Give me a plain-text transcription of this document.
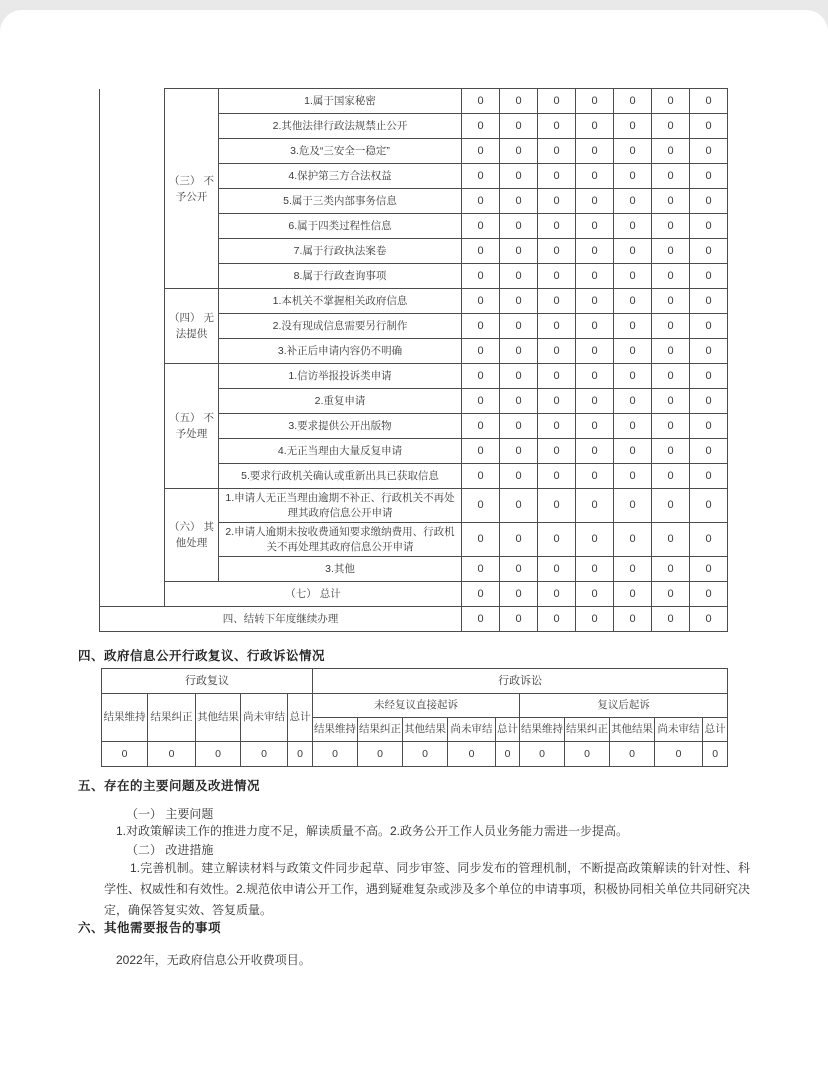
	（三） 不予公开	1.属于国家秘密	0	0	0	0	0	0	0
		2.其他法律行政法规禁止公开	0	0	0	0	0	0	0
		3.危及“三安全一稳定”	0	0	0	0	0	0	0
		4.保护第三方合法权益	0	0	0	0	0	0	0
		5.属于三类内部事务信息	0	0	0	0	0	0	0
		6.属于四类过程性信息	0	0	0	0	0	0	0
		7.属于行政执法案卷	0	0	0	0	0	0	0
		8.属于行政查询事项	0	0	0	0	0	0	0
	（四） 无法提供	1.本机关不掌握相关政府信息	0	0	0	0	0	0	0
		2.没有现成信息需要另行制作	0	0	0	0	0	0	0
		3.补正后申请内容仍不明确	0	0	0	0	0	0	0
	（五） 不予处理	1.信访举报投诉类申请	0	0	0	0	0	0	0
		2.重复申请	0	0	0	0	0	0	0
		3.要求提供公开出版物	0	0	0	0	0	0	0
		4.无正当理由大量反复申请	0	0	0	0	0	0	0
		5.要求行政机关确认或重新出具已获取信息	0	0	0	0	0	0	0
	（六） 其他处理	1.申请人无正当理由逾期不补正、行政机关不再处理其政府信息公开申请	0	0	0	0	0	0	0
		2.申请人逾期未按收费通知要求缴纳费用、行政机关不再处理其政府信息公开申请	0	0	0	0	0	0	0
		3.其他	0	0	0	0	0	0	0
	（七） 总计		0	0	0	0	0	0	0
四、结转下年度继续办理			0	0	0	0	0	0	0
四、政府信息公开行政复议、行政诉讼情况
行政复议					行政诉讼									
结果维持	结果纠正	其他结果	尚未审结	总计	未经复议直接起诉					复议后起诉				
					结果维持	结果纠正	其他结果	尚未审结	总计	结果维持	结果纠正	其他结果	尚未审结	总计
0	0	0	0	0	0	0	0	0	0	0	0	0	0	0
五、存在的主要问题及改进情况
（一） 主要问题
1.对政策解读工作的推进力度不足，解读质量不高。2.政务公开工作人员业务能力需进一步提高。
（二） 改进措施
1.完善机制。建立解读材料与政策文件同步起草、同步审签、同步发布的管理机制，不断提高政策解读的针对性、科学性、权威性和有效性。2.规范依申请公开工作，遇到疑难复杂或涉及多个单位的申请事项，积极协同相关单位共同研究决定，确保答复实效、答复质量。
六、其他需要报告的事项
2022年，无政府信息公开收费项目。
